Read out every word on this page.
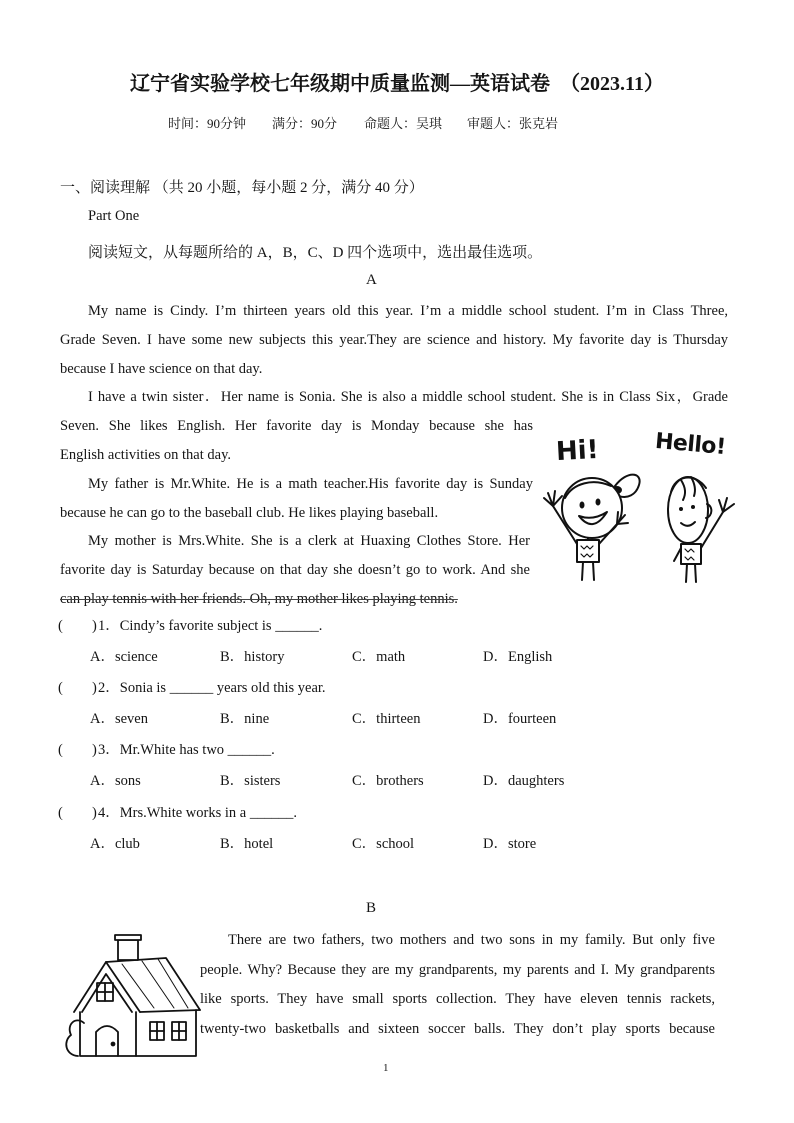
辽宁省实验学校七年级期中质量监测—英语试卷  （2023.11）
时间：90分钟 满分：90分 命题人：吴琪 审题人：张克岩
一、阅读理解 （共 20 小题，每小题 2 分，满分 40 分）
Part One
阅读短文，从每题所给的 A，B，C、D 四个选项中，选出最佳选项。
A
My name is Cindy. I’m thirteen years old this year. I’m a middle school student. I’m in Class Three,
Grade Seven. I have some new subjects this year.They are science and history. My favorite day is Thursday
because I have science on that day.
I have a twin sister．Her name is Sonia. She is also a middle school student. She is in Class Six，Grade
Seven. She likes English. Her favorite day is Monday because she has
English activities on that day.
My father is Mr.White. He is a math teacher.His favorite day is Sunday
because he can go to the baseball club. He likes playing baseball.
My mother is Mrs.White. She is a clerk at Huaxing Clothes Store. Her
favorite day is Saturday because on that day she doesn’t go to work. And she
can play tennis with her friends. Oh, my mother likes playing tennis.
Hi! Hello!
( ) 1．Cindy’s favorite subject is ______.
A．science	B．history	C．math	D．English
( ) 2．Sonia is ______ years old this year.
A．seven	B．nine	C．thirteen	D．fourteen
( ) 3．Mr.White has two ______.
A．sons	B．sisters	C．brothers	D．daughters
( ) 4．Mrs.White works in a ______.
A．club	B．hotel	C．school	D．store
B
There are two fathers, two mothers and two sons in my family. But only five
people. Why? Because they are my grandparents, my parents and I. My grandparents
like sports. They have small sports collection. They have eleven tennis rackets,
twenty-two basketballs and sixteen soccer balls. They don’t play sports because
1
